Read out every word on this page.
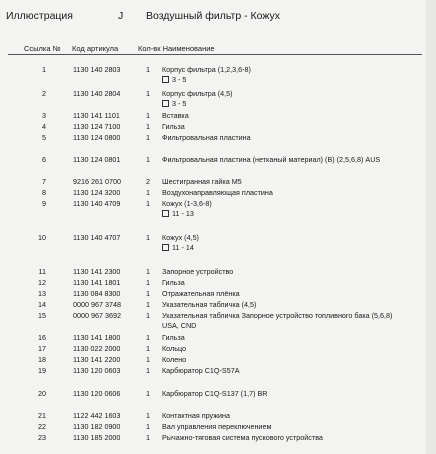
Иллюстрация	J Воздушный фильтр - Кожух
Ссылка № Код артикула	Кол-вк Наименование
1	1130 140 2803	1 Корпус фильтра (1,2,3,6-8)
3 - 5
2	1130 140 2804	1 Корпус фильтра (4,5)
3 - 5
3	1130 141 1101	1 Вставка
4	1130 124 7100	1 Гильза
5	1130 124 0800	1 Фильтровальная пластина
6	1130 124 0801	1 Фильтровальная пластина (нетканый материал) (B) (2,5,6,8) AUS
7	9216 261 0700	2 Шестигранная гайка M5
8	1130 124 3200	1 Воздухонаправляющая пластина
9	1130 140 4709	1 Кожух (1-3,6-8)
11 - 13
10	1130 140 4707	1 Кожух (4,5)
11 - 14
11	1130 141 2300	1 Запорное устройство
12	1130 141 1801	1 Гильза
13	1130 084 8300	1 Отражательная плёнка
14	0000 967 3748	1 Указательная табличка (4,5)
15	0000 967 3692	1 Указательная табличка Запорное устройство топливного бака (5,6,8)
USA, CND
16	1130 141 1800	1 Гильза
17	1130 022 2000	1 Кольцо
18	1130 141 2200	1 Колено
19	1130 120 0603	1 Карбюратор C1Q-S57A
20	1130 120 0606	1 Карбюратор C1Q-S137 (1,7) BR
21	1122 442 1603	1 Контактная пружина
22	1130 182 0900	1 Вал управления переключением
23	1130 185 2000	1 Рычажно-тяговая система пускового устройства
